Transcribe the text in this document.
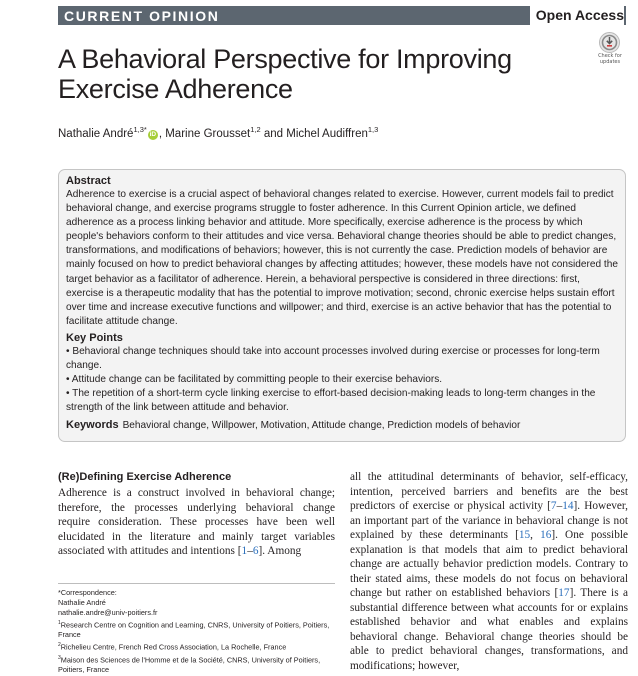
CURRENT OPINION	Open Access
Check for
updates
A Behavioral Perspective for Improving Exercise Adherence
Nathalie André$^{1,3*}$iD , Marine Grousset$^{1,2}$ and Michel Audiffren$^{1,3}$
Abstract
Adherence to exercise is a crucial aspect of behavioral changes related to exercise. However, current models fail to predict behavioral change, and exercise programs struggle to foster adherence. In this Current Opinion article, we defined adherence as a process linking behavior and attitude. More specifically, exercise adherence is the process by which people's behaviors conform to their attitudes and vice versa. Behavioral change theories should be able to predict changes, transformations, and modifications of behaviors; however, this is not currently the case. Prediction models of behavior are mainly focused on how to predict behavioral changes by affecting attitudes; however, these models have not considered the target behavior as a facilitator of adherence. Herein, a behavioral perspective is considered in three directions: first, exercise is a therapeutic modality that has the potential to improve motivation; second, chronic exercise helps sustain effort over time and increase executive functions and willpower; and third, exercise is an active behavior that has the potential to facilitate attitude change.
Key Points
• Behavioral change techniques should take into account processes involved during exercise or processes for long-term change.
• Attitude change can be facilitated by committing people to their exercise behaviors.
• The repetition of a short-term cycle linking exercise to effort-based decision-making leads to long-term changes in the strength of the link between attitude and behavior.
Keywords Behavioral change, Willpower, Motivation, Attitude change, Prediction models of behavior
(Re)Defining Exercise Adherence
Adherence is a construct involved in behavioral change; therefore, the processes underlying behavioral change require consideration. These processes have been well elucidated in the literature and mainly target variables associated with attitudes and intentions [1–6]. Among
*Correspondence:
Nathalie André
nathalie.andre@univ-poitiers.fr
$^1$Research Centre on Cognition and Learning, CNRS, University of Poitiers, Poitiers, France
$^2$Richelieu Centre, French Red Cross Association, La Rochelle, France
$^3$Maison des Sciences de l'Homme et de la Société, CNRS, University of Poitiers, Poitiers, France
all the attitudinal determinants of behavior, self-efficacy, intention, perceived barriers and benefits are the best predictors of exercise or physical activity [7–14]. However, an important part of the variance in behavioral change is not explained by these determinants [15, 16]. One possible explanation is that models that aim to predict behavioral change are actually behavior prediction models. Contrary to their stated aims, these models do not focus on behavioral change but rather on established behaviors [17]. There is a substantial difference between what accounts for or explains established behavior and what enables and explains behavioral change. Behavioral change theories should be able to predict behavioral changes, transformations, and modifications; however,
